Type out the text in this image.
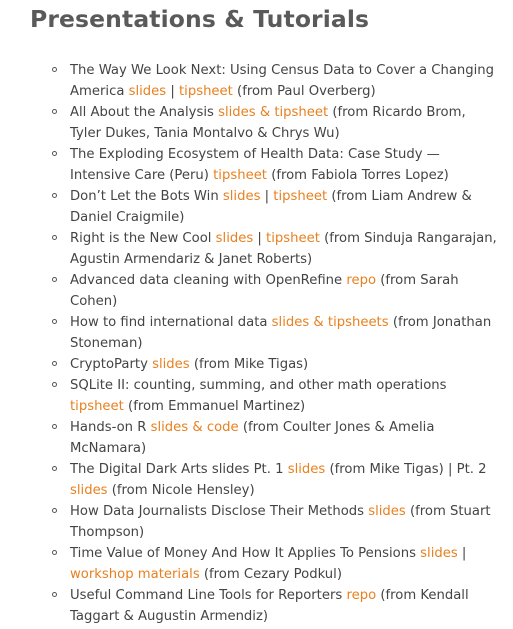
Presentations & Tutorials
The Way We Look Next: Using Census Data to Cover a Changing America slides | tipsheet (from Paul Overberg)
All About the Analysis slides & tipsheet (from Ricardo Brom, Tyler Dukes, Tania Montalvo & Chrys Wu)
The Exploding Ecosystem of Health Data: Case Study — Intensive Care (Peru) tipsheet (from Fabiola Torres Lopez)
Don’t Let the Bots Win slides | tipsheet (from Liam Andrew & Daniel Craigmile)
Right is the New Cool slides | tipsheet (from Sinduja Rangarajan, Agustin Armendariz & Janet Roberts)
Advanced data cleaning with OpenRefine repo (from Sarah Cohen)
How to find international data slides & tipsheets (from Jonathan Stoneman)
CryptoParty slides (from Mike Tigas)
SQLite II: counting, summing, and other math operations tipsheet (from Emmanuel Martinez)
Hands-on R slides & code (from Coulter Jones & Amelia McNamara)
The Digital Dark Arts slides Pt. 1 slides (from Mike Tigas) | Pt. 2 slides (from Nicole Hensley)
How Data Journalists Disclose Their Methods slides (from Stuart Thompson)
Time Value of Money And How It Applies To Pensions slides | workshop materials (from Cezary Podkul)
Useful Command Line Tools for Reporters repo (from Kendall Taggart & Augustin Armendiz)
